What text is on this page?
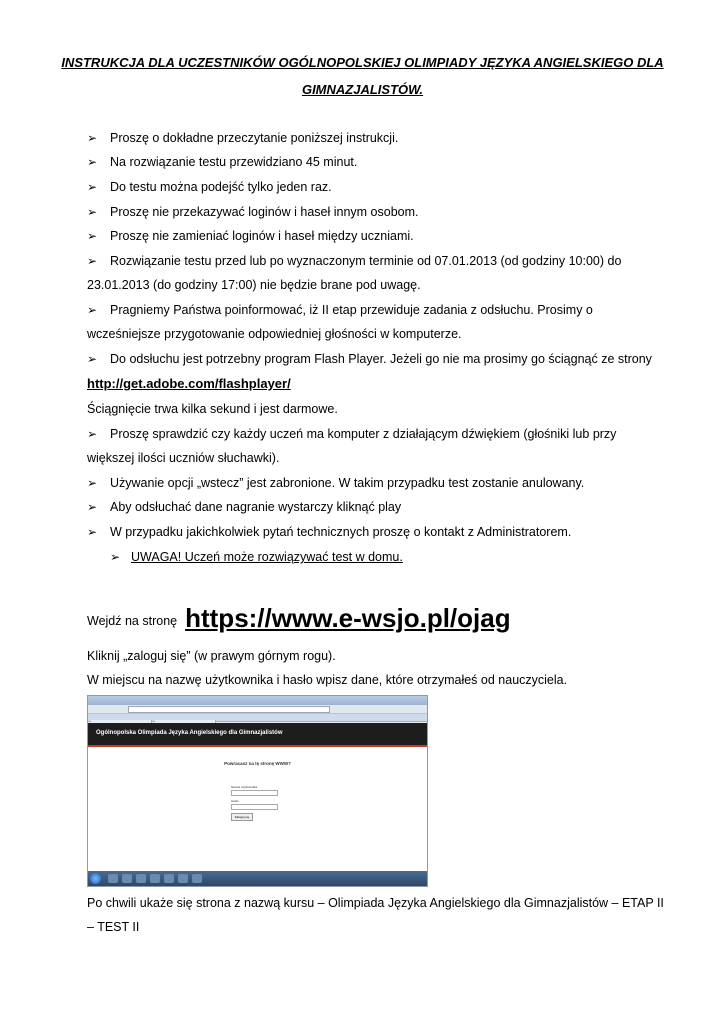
INSTRUKCJA DLA UCZESTNIKÓW OGÓLNOPOLSKIEJ OLIMPIADY JĘZYKA ANGIELSKIEGO DLA
GIMNAZJALISTÓW.
➢ Proszę o dokładne przeczytanie poniższej instrukcji.
➢ Na rozwiązanie testu przewidziano 45 minut.
➢ Do testu można podejść tylko jeden raz.
➢ Proszę nie przekazywać loginów i haseł innym osobom.
➢ Proszę nie zamieniać loginów i haseł między uczniami.
➢ Rozwiązanie testu przed lub po wyznaczonym terminie od 07.01.2013 (od godziny 10:00) do
23.01.2013 (do godziny 17:00) nie będzie brane pod uwagę.
➢ Pragniemy Państwa poinformować, iż II etap przewiduje zadania z odsłuchu. Prosimy o
wcześniejsze przygotowanie odpowiedniej głośności w komputerze.
➢ Do odsłuchu jest potrzebny program Flash Player. Jeżeli go nie ma prosimy go ściągnąć ze strony
http://get.adobe.com/flashplayer/
Ściągnięcie trwa kilka sekund i jest darmowe.
➢ Proszę sprawdzić czy każdy uczeń ma komputer z działającym dźwiękiem (głośniki lub przy
większej ilości uczniów słuchawki).
➢ Używanie opcji „wstecz” jest zabronione. W takim przypadku test zostanie anulowany.
➢ Aby odsłuchać dane nagranie wystarczy kliknąć play
➢ W przypadku jakichkolwiek pytań technicznych proszę o kontakt z Administratorem.
➢ UWAGA! Uczeń może rozwiązywać test w domu.
Wejdź na stronę https://www.e-wsjo.pl/ojag
Kliknij „zaloguj się” (w prawym górnym rogu).
W miejscu na nazwę użytkownika i hasło wpisz dane, które otrzymałeś od nauczyciela.
Ogólnopolska Olimpiada Języka Angielskiego dla Gimnazjalistów
Powracasz na tę stronę WWW?
Nazwa użytkownika
Hasło
Zaloguj się
Po chwili ukaże się strona z nazwą kursu – Olimpiada Języka Angielskiego dla Gimnazjalistów – ETAP II
– TEST II
